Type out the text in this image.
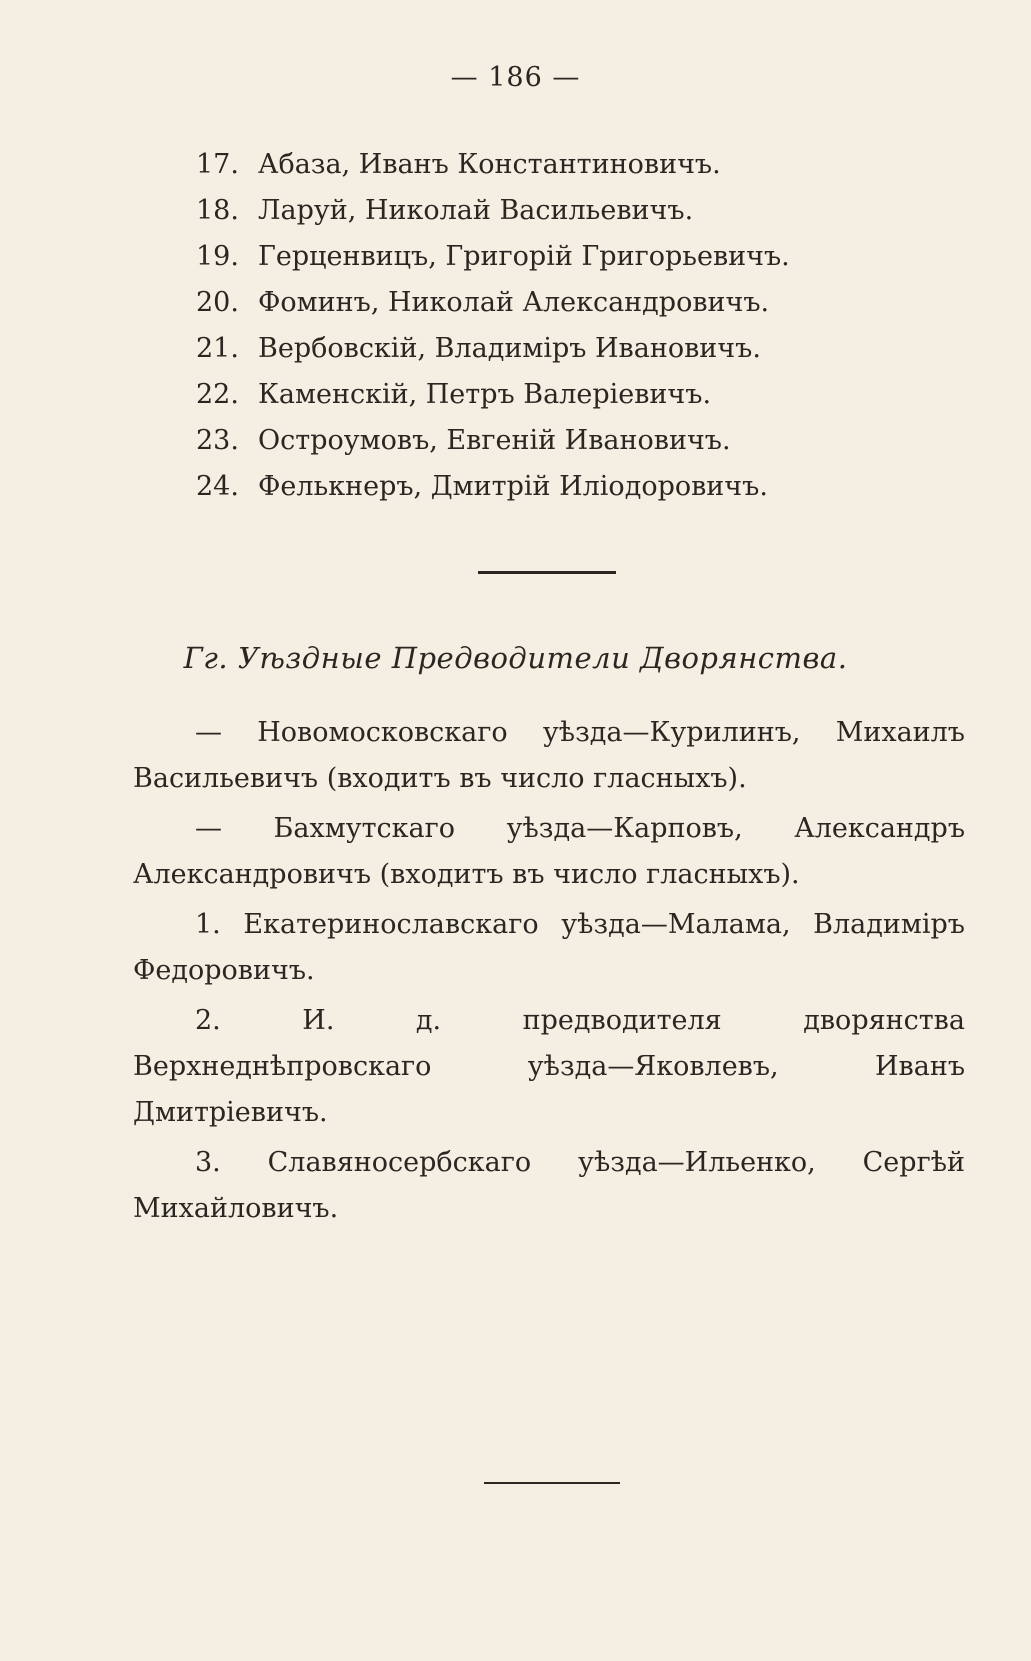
— 186 —
17. Абаза, Иванъ Константиновичъ.
18. Ларуй, Николай Васильевичъ.
19. Герценвицъ, Григорій Григорьевичъ.
20. Фоминъ, Николай Александровичъ.
21. Вербовскій, Владиміръ Ивановичъ.
22. Каменскій, Петръ Валеріевичъ.
23. Остроумовъ, Евгеній Ивановичъ.
24. Фелькнеръ, Дмитрій Иліодоровичъ.
Гг. Уѣздные Предводители Дворянства.

— Новомосковскаго уѣзда—Курилинъ, Михаилъ Васильевичъ (входитъ въ число гласныхъ).

— Бахмутскаго уѣзда—Карповъ, Александръ Александровичъ (входитъ въ число гласныхъ).

1. Екатеринославскаго уѣзда—Малама, Владиміръ Федоровичъ.

2. И. д. предводителя дворянства Верхнеднѣпровскаго уѣзда—Яковлевъ, Иванъ Дмитріевичъ.

3. Славяносербскаго уѣзда—Ильенко, Сергѣй Михайловичъ.
